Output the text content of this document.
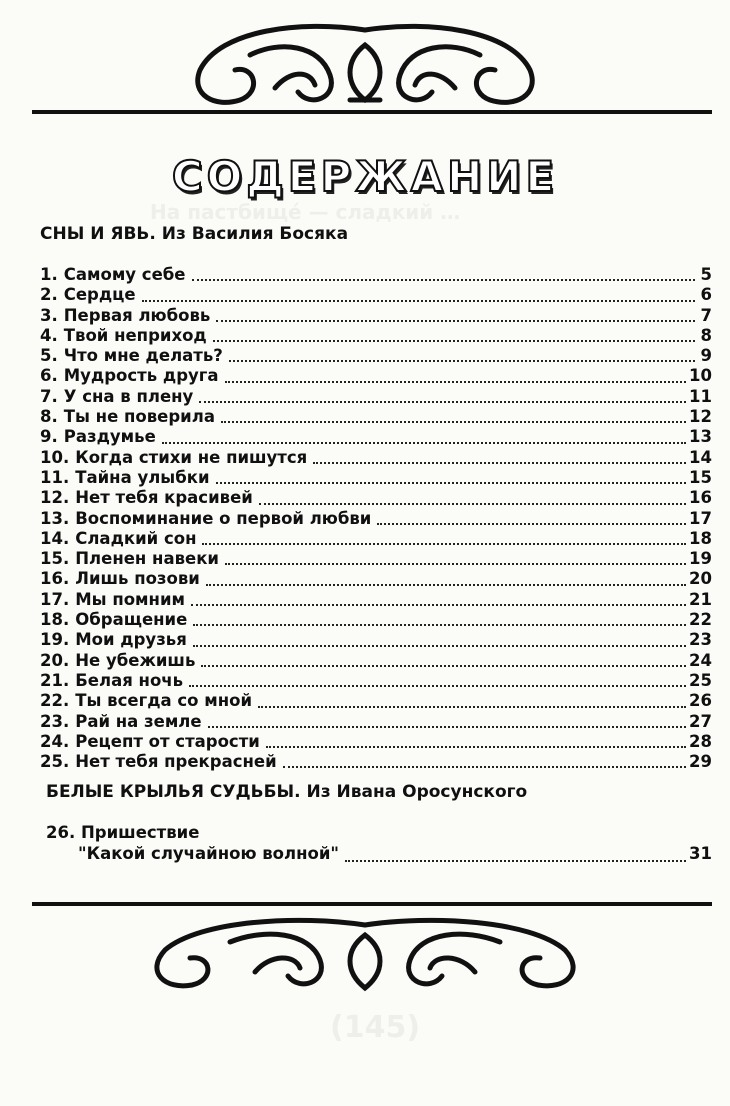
На пастбище́ — сладкий …
СОДЕРЖАНИЕ
СНЫ И ЯВЬ. Из Василия Босяка
1. Самому себе	5
2. Сердце	6
3. Первая любовь	7
4. Твой неприход	8
5. Что мне делать?	9
6. Мудрость друга	10
7. У сна в плену	11
8. Ты не поверила	12
9. Раздумье	13
10. Когда стихи не пишутся	14
11. Тайна улыбки	15
12. Нет тебя красивей	16
13. Воспоминание о первой любви	17
14. Сладкий сон	18
15. Пленен навеки	19
16. Лишь позови	20
17. Мы помним	21
18. Обращение	22
19. Мои друзья	23
20. Не убежишь	24
21. Белая ночь	25
22. Ты всегда со мной	26
23. Рай на земле	27
24. Рецепт от старости	28
25. Нет тебя прекрасней	29
БЕЛЫЕ КРЫЛЬЯ СУДЬБЫ. Из Ивана Оросунского
26. Пришествие
"Какой случайною волной"	31
(145)
